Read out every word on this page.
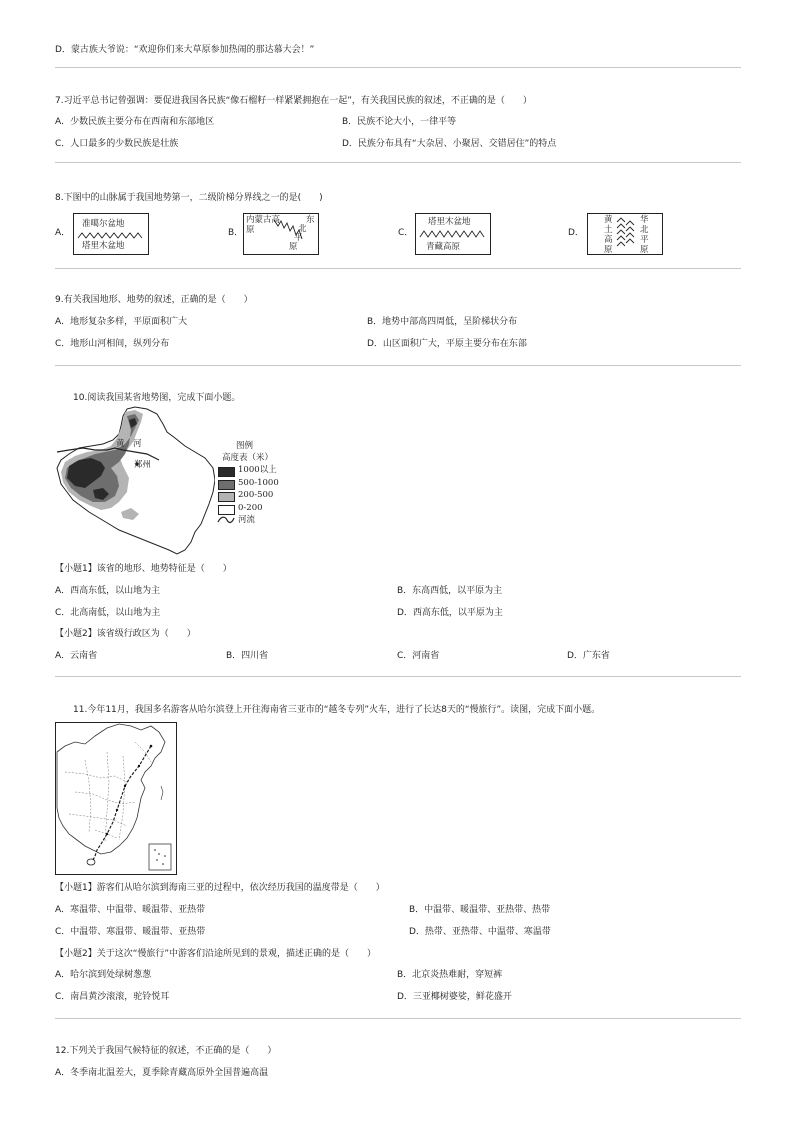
D．蒙古族大爷说：“欢迎你们来大草原参加热闹的那达慕大会！”
7.习近平总书记曾强调：要促进我国各民族“像石榴籽一样紧紧拥抱在一起”，有关我国民族的叙述，不正确的是（　　）
A．少数民族主要分布在西南和东部地区	B．民族不论大小，一律平等
C．人口最多的少数民族是壮族	D．民族分布具有“大杂居、小聚居、交错居住”的特点
8.下图中的山脉属于我国地势第一，二级阶梯分界线之一的是(　　)
A．
准噶尔盆地
塔里木盆地
B．
内蒙古高原
东
北
平
原
C．
塔里木盆地
青藏高原
D．
黄土高原
华北平原
9.有关我国地形、地势的叙述，正确的是（　　）
A．地形复杂多样，平原面积广大	B．地势中部高四周低，呈阶梯状分布
C．地形山河相间，纵列分布	D．山区面积广大，平原主要分布在东部
10.阅读我国某省地势图，完成下面小题。
黄　河
郑州
图例
高度表（米）
1000以上
500-1000
200-500
0-200
河流
【小题1】该省的地形、地势特征是（　　）
A．西高东低，以山地为主	B．东高西低，以平原为主
C．北高南低，以山地为主	D．西高东低，以平原为主
【小题2】该省级行政区为（　　）
A．云南省	B．四川省	C．河南省	D．广东省
11.今年11月，我国多名游客从哈尔滨登上开往海南省三亚市的“越冬专列”火车，进行了长达8天的“慢旅行”。读图，完成下面小题。
【小题1】游客们从哈尔滨到海南三亚的过程中，依次经历我国的温度带是（　　）
A．寒温带、中温带、暖温带、亚热带	B．中温带、暖温带、亚热带、热带
C．中温带、寒温带、暖温带、亚热带	D．热带、亚热带、中温带、寒温带
【小题2】关于这次“慢旅行”中游客们沿途所见到的景观，描述正确的是（　　）
A．哈尔滨到处绿树葱葱	B．北京炎热难耐，穿短裤
C．南昌黄沙滚滚，驼铃悦耳	D．三亚椰树婆娑，鲜花盛开
12.下列关于我国气候特征的叙述，不正确的是（　　）
A．冬季南北温差大，夏季除青藏高原外全国普遍高温
